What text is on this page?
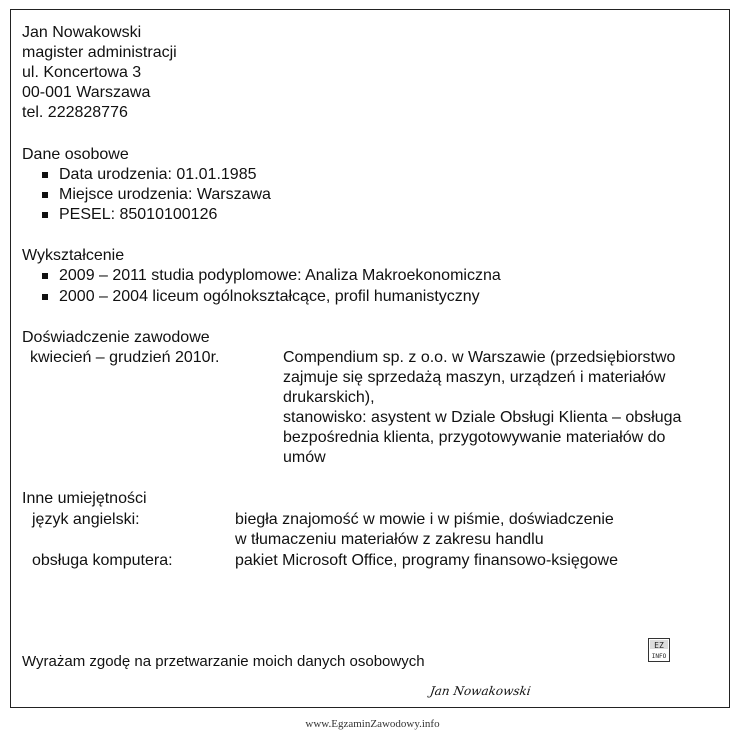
Jan Nowakowski
magister administracji
ul. Koncertowa 3
00-001 Warszawa
tel. 222828776
Dane osobowe
Data urodzenia: 01.01.1985
Miejsce urodzenia: Warszawa
PESEL: 85010100126
Wykształcenie
2009 – 2011 studia podyplomowe: Analiza Makroekonomiczna
2000 – 2004 liceum ogólnokształcące, profil humanistyczny
Doświadczenie zawodowe
kwiecień – grudzień 2010r.	Compendium sp. z o.o. w Warszawie (przedsiębiorstwo
zajmuje się sprzedażą maszyn, urządzeń i materiałów
drukarskich),
stanowisko: asystent w Dziale Obsługi Klienta – obsługa
bezpośrednia klienta, przygotowywanie materiałów do
umów
Inne umiejętności
język angielski:	biegła znajomość w mowie i w piśmie, doświadczenie
w tłumaczeniu materiałów z zakresu handlu
obsługa komputera:	pakiet Microsoft Office, programy finansowo-księgowe
Wyrażam zgodę na przetwarzanie moich danych osobowych
EZ
INFO
Jan Nowakowski
www.EgzaminZawodowy.info
